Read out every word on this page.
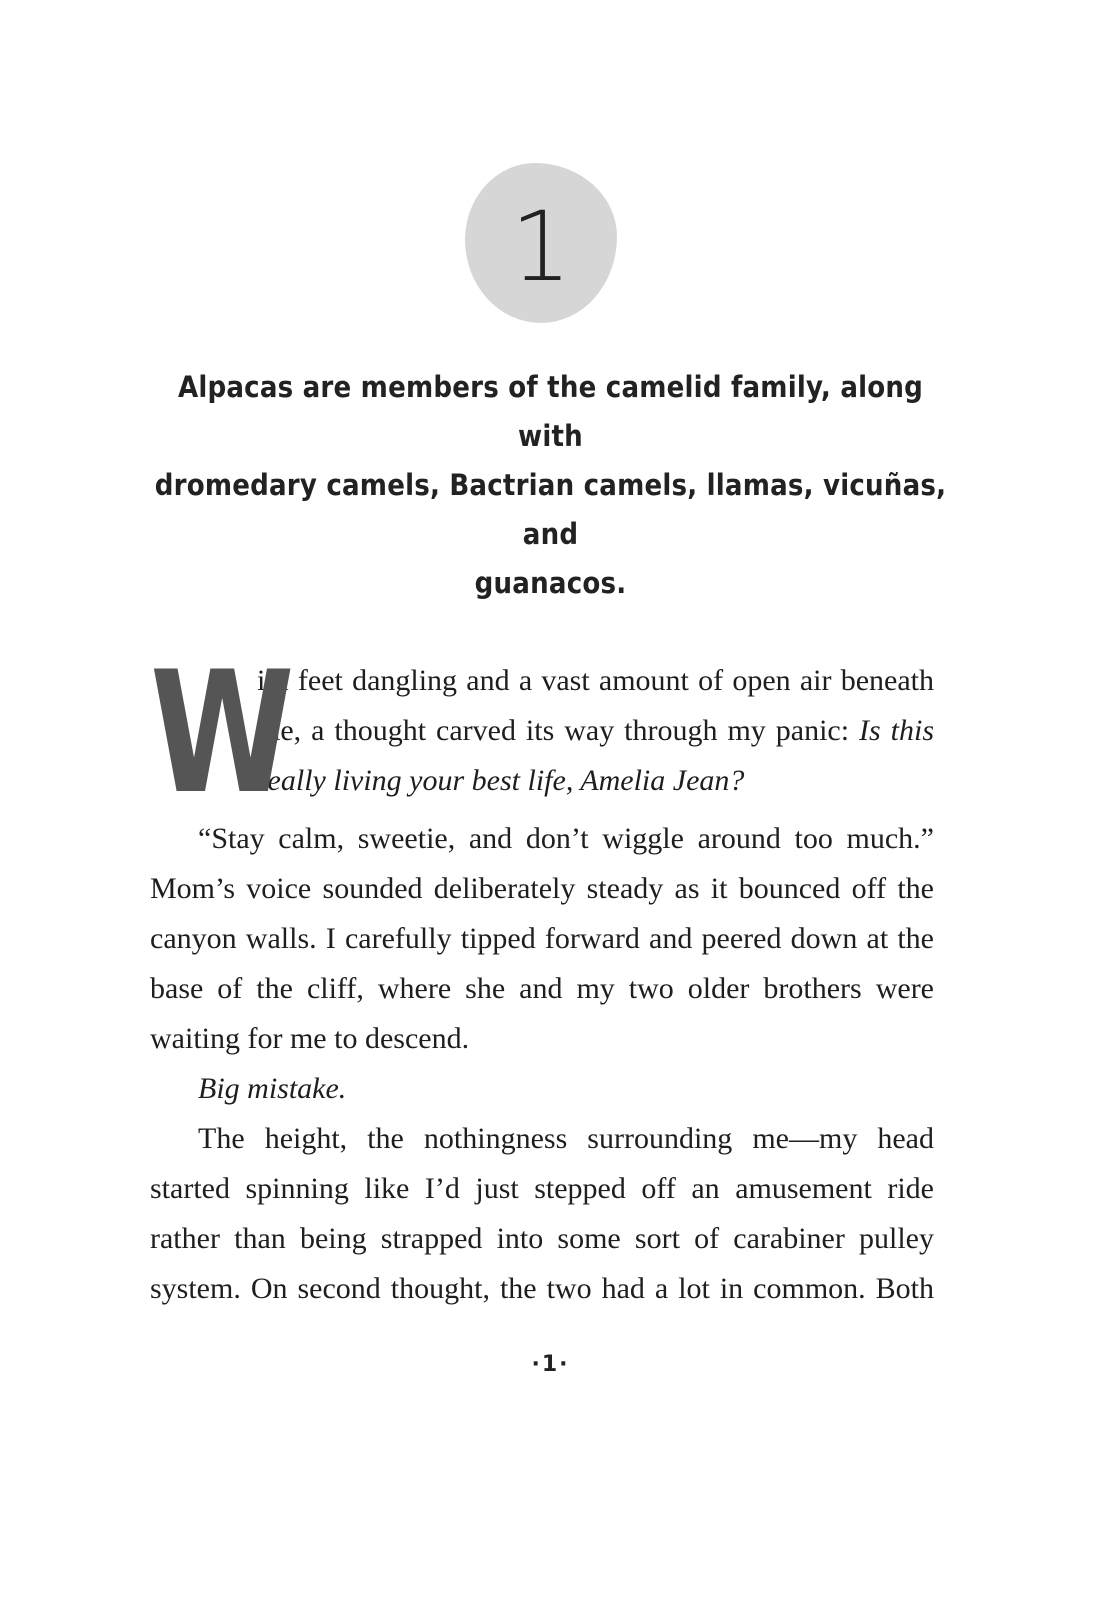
1
Alpacas are members of the camelid family, along with
dromedary camels, Bactrian camels, llamas, vicuñas, and
guanacos.

W
ith feet dangling and a vast amount of open air beneath me, a thought carved its way through my panic: Is this really living your best life, Amelia Jean?

“Stay calm, sweetie, and don’t wiggle around too much.” Mom’s voice sounded deliberately steady as it bounced off the canyon walls. I carefully tipped forward and peered down at the base of the cliff, where she and my two older brothers were waiting for me to descend.

Big mistake.

The height, the nothingness surrounding me—my head started spinning like I’d just stepped off an amusement ride rather than being strapped into some sort of carabiner pulley system. On second thought, the two had a lot in common. Both

·1·
